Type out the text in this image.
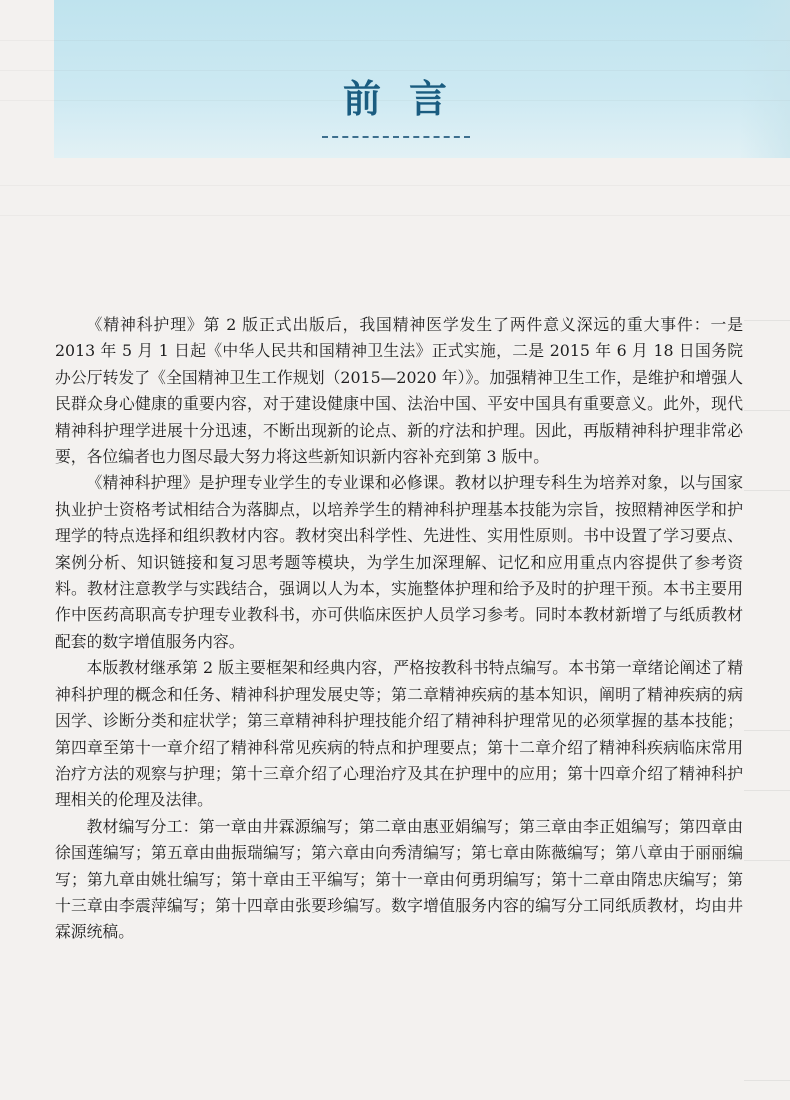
前言

《精神科护理》第 2 版正式出版后，我国精神医学发生了两件意义深远的重大事件：一是 2013 年 5 月 1 日起《中华人民共和国精神卫生法》正式实施，二是 2015 年 6 月 18 日国务院办公厅转发了《全国精神卫生工作规划（2015—2020 年）》。加强精神卫生工作，是维护和增强人民群众身心健康的重要内容，对于建设健康中国、法治中国、平安中国具有重要意义。此外，现代精神科护理学进展十分迅速，不断出现新的论点、新的疗法和护理。因此，再版精神科护理非常必要，各位编者也力图尽最大努力将这些新知识新内容补充到第 3 版中。

《精神科护理》是护理专业学生的专业课和必修课。教材以护理专科生为培养对象，以与国家执业护士资格考试相结合为落脚点，以培养学生的精神科护理基本技能为宗旨，按照精神医学和护理学的特点选择和组织教材内容。教材突出科学性、先进性、实用性原则。书中设置了学习要点、案例分析、知识链接和复习思考题等模块，为学生加深理解、记忆和应用重点内容提供了参考资料。教材注意教学与实践结合，强调以人为本，实施整体护理和给予及时的护理干预。本书主要用作中医药高职高专护理专业教科书，亦可供临床医护人员学习参考。同时本教材新增了与纸质教材配套的数字增值服务内容。

本版教材继承第 2 版主要框架和经典内容，严格按教科书特点编写。本书第一章绪论阐述了精神科护理的概念和任务、精神科护理发展史等；第二章精神疾病的基本知识，阐明了精神疾病的病因学、诊断分类和症状学；第三章精神科护理技能介绍了精神科护理常见的必须掌握的基本技能；第四章至第十一章介绍了精神科常见疾病的特点和护理要点；第十二章介绍了精神科疾病临床常用治疗方法的观察与护理；第十三章介绍了心理治疗及其在护理中的应用；第十四章介绍了精神科护理相关的伦理及法律。

教材编写分工：第一章由井霖源编写；第二章由惠亚娟编写；第三章由李正姐编写；第四章由徐国莲编写；第五章由曲振瑞编写；第六章由向秀清编写；第七章由陈薇编写；第八章由于丽丽编写；第九章由姚壮编写；第十章由王平编写；第十一章由何勇玥编写；第十二章由隋忠庆编写；第十三章由李震萍编写；第十四章由张要珍编写。数字增值服务内容的编写分工同纸质教材，均由井霖源统稿。
